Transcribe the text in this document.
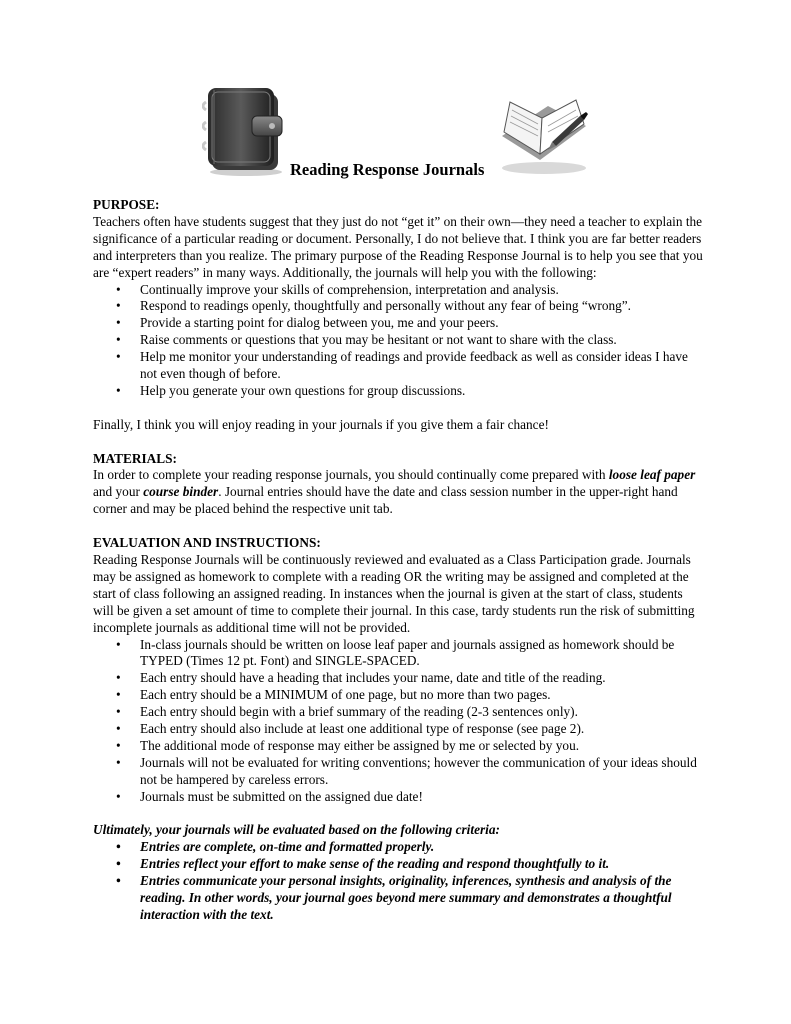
Reading Response Journals

PURPOSE:

Teachers often have students suggest that they just do not “get it” on their own—they need a teacher to explain the significance of a particular reading or document. Personally, I do not believe that. I think you are far better readers and interpreters than you realize. The primary purpose of the Reading Response Journal is to help you see that you are “expert readers” in many ways. Additionally, the journals will help you with the following:

• Continually improve your skills of comprehension, interpretation and analysis.
• Respond to readings openly, thoughtfully and personally without any fear of being “wrong”.
• Provide a starting point for dialog between you, me and your peers.
• Raise comments or questions that you may be hesitant or not want to share with the class.
• Help me monitor your understanding of readings and provide feedback as well as consider ideas I have not even though of before.
• Help you generate your own questions for group discussions.

Finally, I think you will enjoy reading in your journals if you give them a fair chance!

MATERIALS:

In order to complete your reading response journals, you should continually come prepared with loose leaf paper and your course binder. Journal entries should have the date and class session number in the upper-right hand corner and may be placed behind the respective unit tab.

EVALUATION AND INSTRUCTIONS:

Reading Response Journals will be continuously reviewed and evaluated as a Class Participation grade. Journals may be assigned as homework to complete with a reading OR the writing may be assigned and completed at the start of class following an assigned reading. In instances when the journal is given at the start of class, students will be given a set amount of time to complete their journal. In this case, tardy students run the risk of submitting incomplete journals as additional time will not be provided.

• In-class journals should be written on loose leaf paper and journals assigned as homework should be TYPED (Times 12 pt. Font) and SINGLE-SPACED.
• Each entry should have a heading that includes your name, date and title of the reading.
• Each entry should be a MINIMUM of one page, but no more than two pages.
• Each entry should begin with a brief summary of the reading (2-3 sentences only).
• Each entry should also include at least one additional type of response (see page 2).
• The additional mode of response may either be assigned by me or selected by you.
• Journals will not be evaluated for writing conventions; however the communication of your ideas should not be hampered by careless errors.
• Journals must be submitted on the assigned due date!

Ultimately, your journals will be evaluated based on the following criteria:

• Entries are complete, on-time and formatted properly.
• Entries reflect your effort to make sense of the reading and respond thoughtfully to it.
• Entries communicate your personal insights, originality, inferences, synthesis and analysis of the reading. In other words, your journal goes beyond mere summary and demonstrates a thoughtful interaction with the text.
